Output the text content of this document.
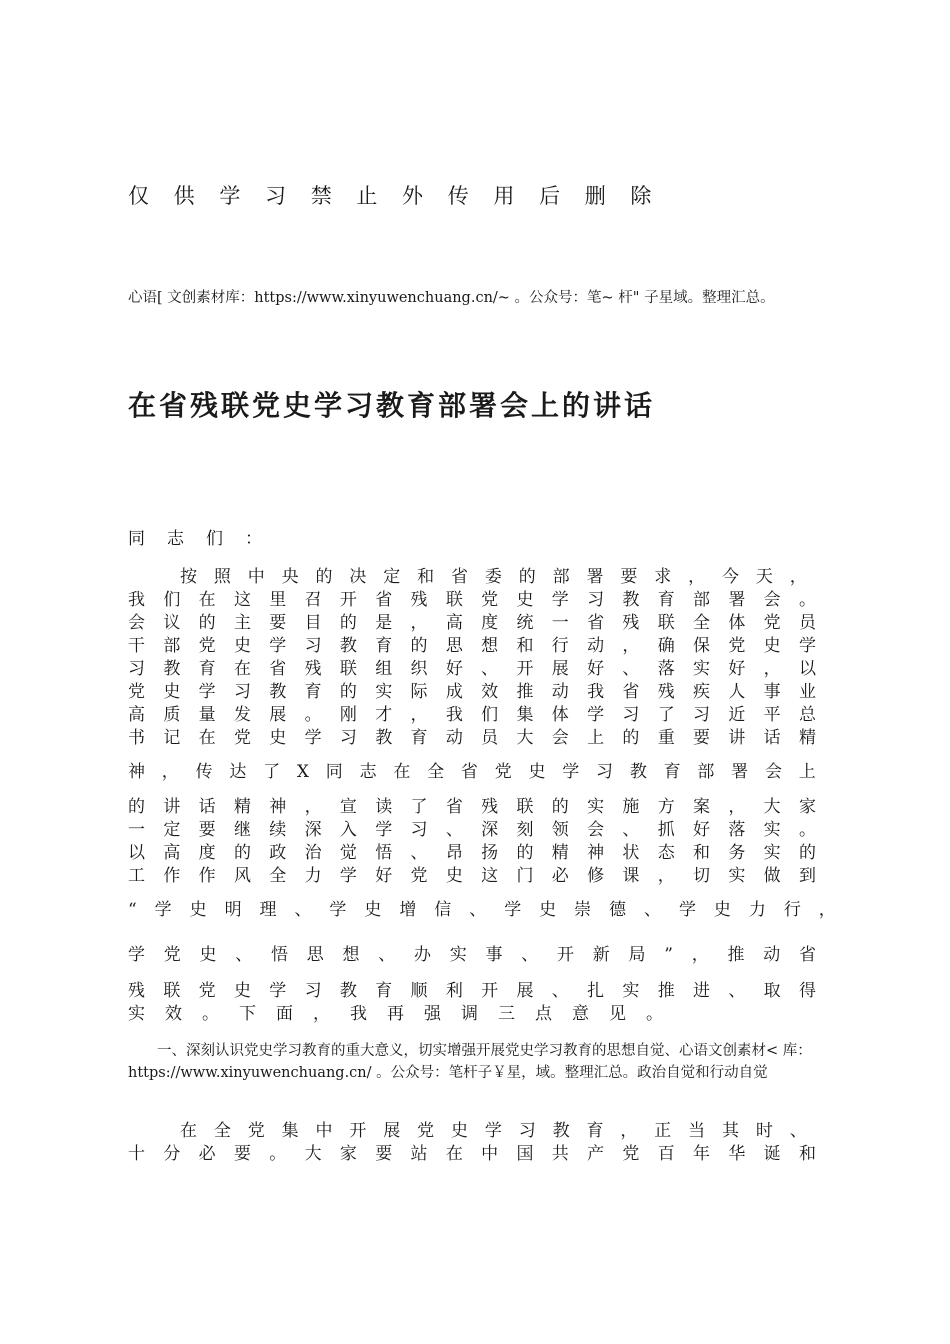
仅 供 学 习 禁 止 外 传 用 后 删 除
心语[ 文创素材库：https://www.xinyuwenchuang.cn/~ 。公众号：笔~ 杆" 子星域。整理汇总。
在省残联党史学习教育部署会上的讲话
同 志 们 ：
按 照 中 央 的 决 定 和 省 委 的 部 署 要 求 ， 今 天 ，
我 们 在 这 里 召 开 省 残 联 党 史 学 习 教 育 部 署 会 。
会 议 的 主 要 目 的 是 ， 高 度 统 一 省 残 联 全 体 党 员
干 部 党 史 学 习 教 育 的 思 想 和 行 动 ， 确 保 党 史 学
习 教 育 在 省 残 联 组 织 好 、 开 展 好 、 落 实 好 ， 以
党 史 学 习 教 育 的 实 际 成 效 推 动 我 省 残 疾 人 事 业
高 质 量 发 展 。 刚 才 ， 我 们 集 体 学 习 了 习 近 平 总
书 记 在 党 史 学 习 教 育 动 员 大 会 上 的 重 要 讲 话 精
神 ， 传 达 了 X 同 志 在 全 省 党 史 学 习 教 育 部 署 会 上
的 讲 话 精 神 ， 宣 读 了 省 残 联 的 实 施 方 案 ， 大 家
一 定 要 继 续 深 入 学 习 、 深 刻 领 会 、 抓 好 落 实 。
以 高 度 的 政 治 觉 悟 、 昂 扬 的 精 神 状 态 和 务 实 的
工 作 作 风 全 力 学 好 党 史 这 门 必 修 课 ， 切 实 做 到
“ 学 史 明 理 、 学 史 增 信 、 学 史 崇 德 、 学 史 力 行 ，
学 党 史 、 悟 思 想 、 办 实 事 、 开 新 局 ” ， 推 动 省
残 联 党 史 学 习 教 育 顺 利 开 展 、 扎 实 推 进 、 取 得
实 效 。 下 面 ， 我 再 强 调 三 点 意 见 。
一、深刻认识党史学习教育的重大意义，切实增强开展党史学习教育的思想自觉、心语文创素材< 库：https://www.xinyuwenchuang.cn/ 。公众号：笔杆子￥星，域。整理汇总。政治自觉和行动自觉
在 全 党 集 中 开 展 党 史 学 习 教 育 ， 正 当 其 时 、
十 分 必 要 。 大 家 要 站 在 中 国 共 产 党 百 年 华 诞 和
